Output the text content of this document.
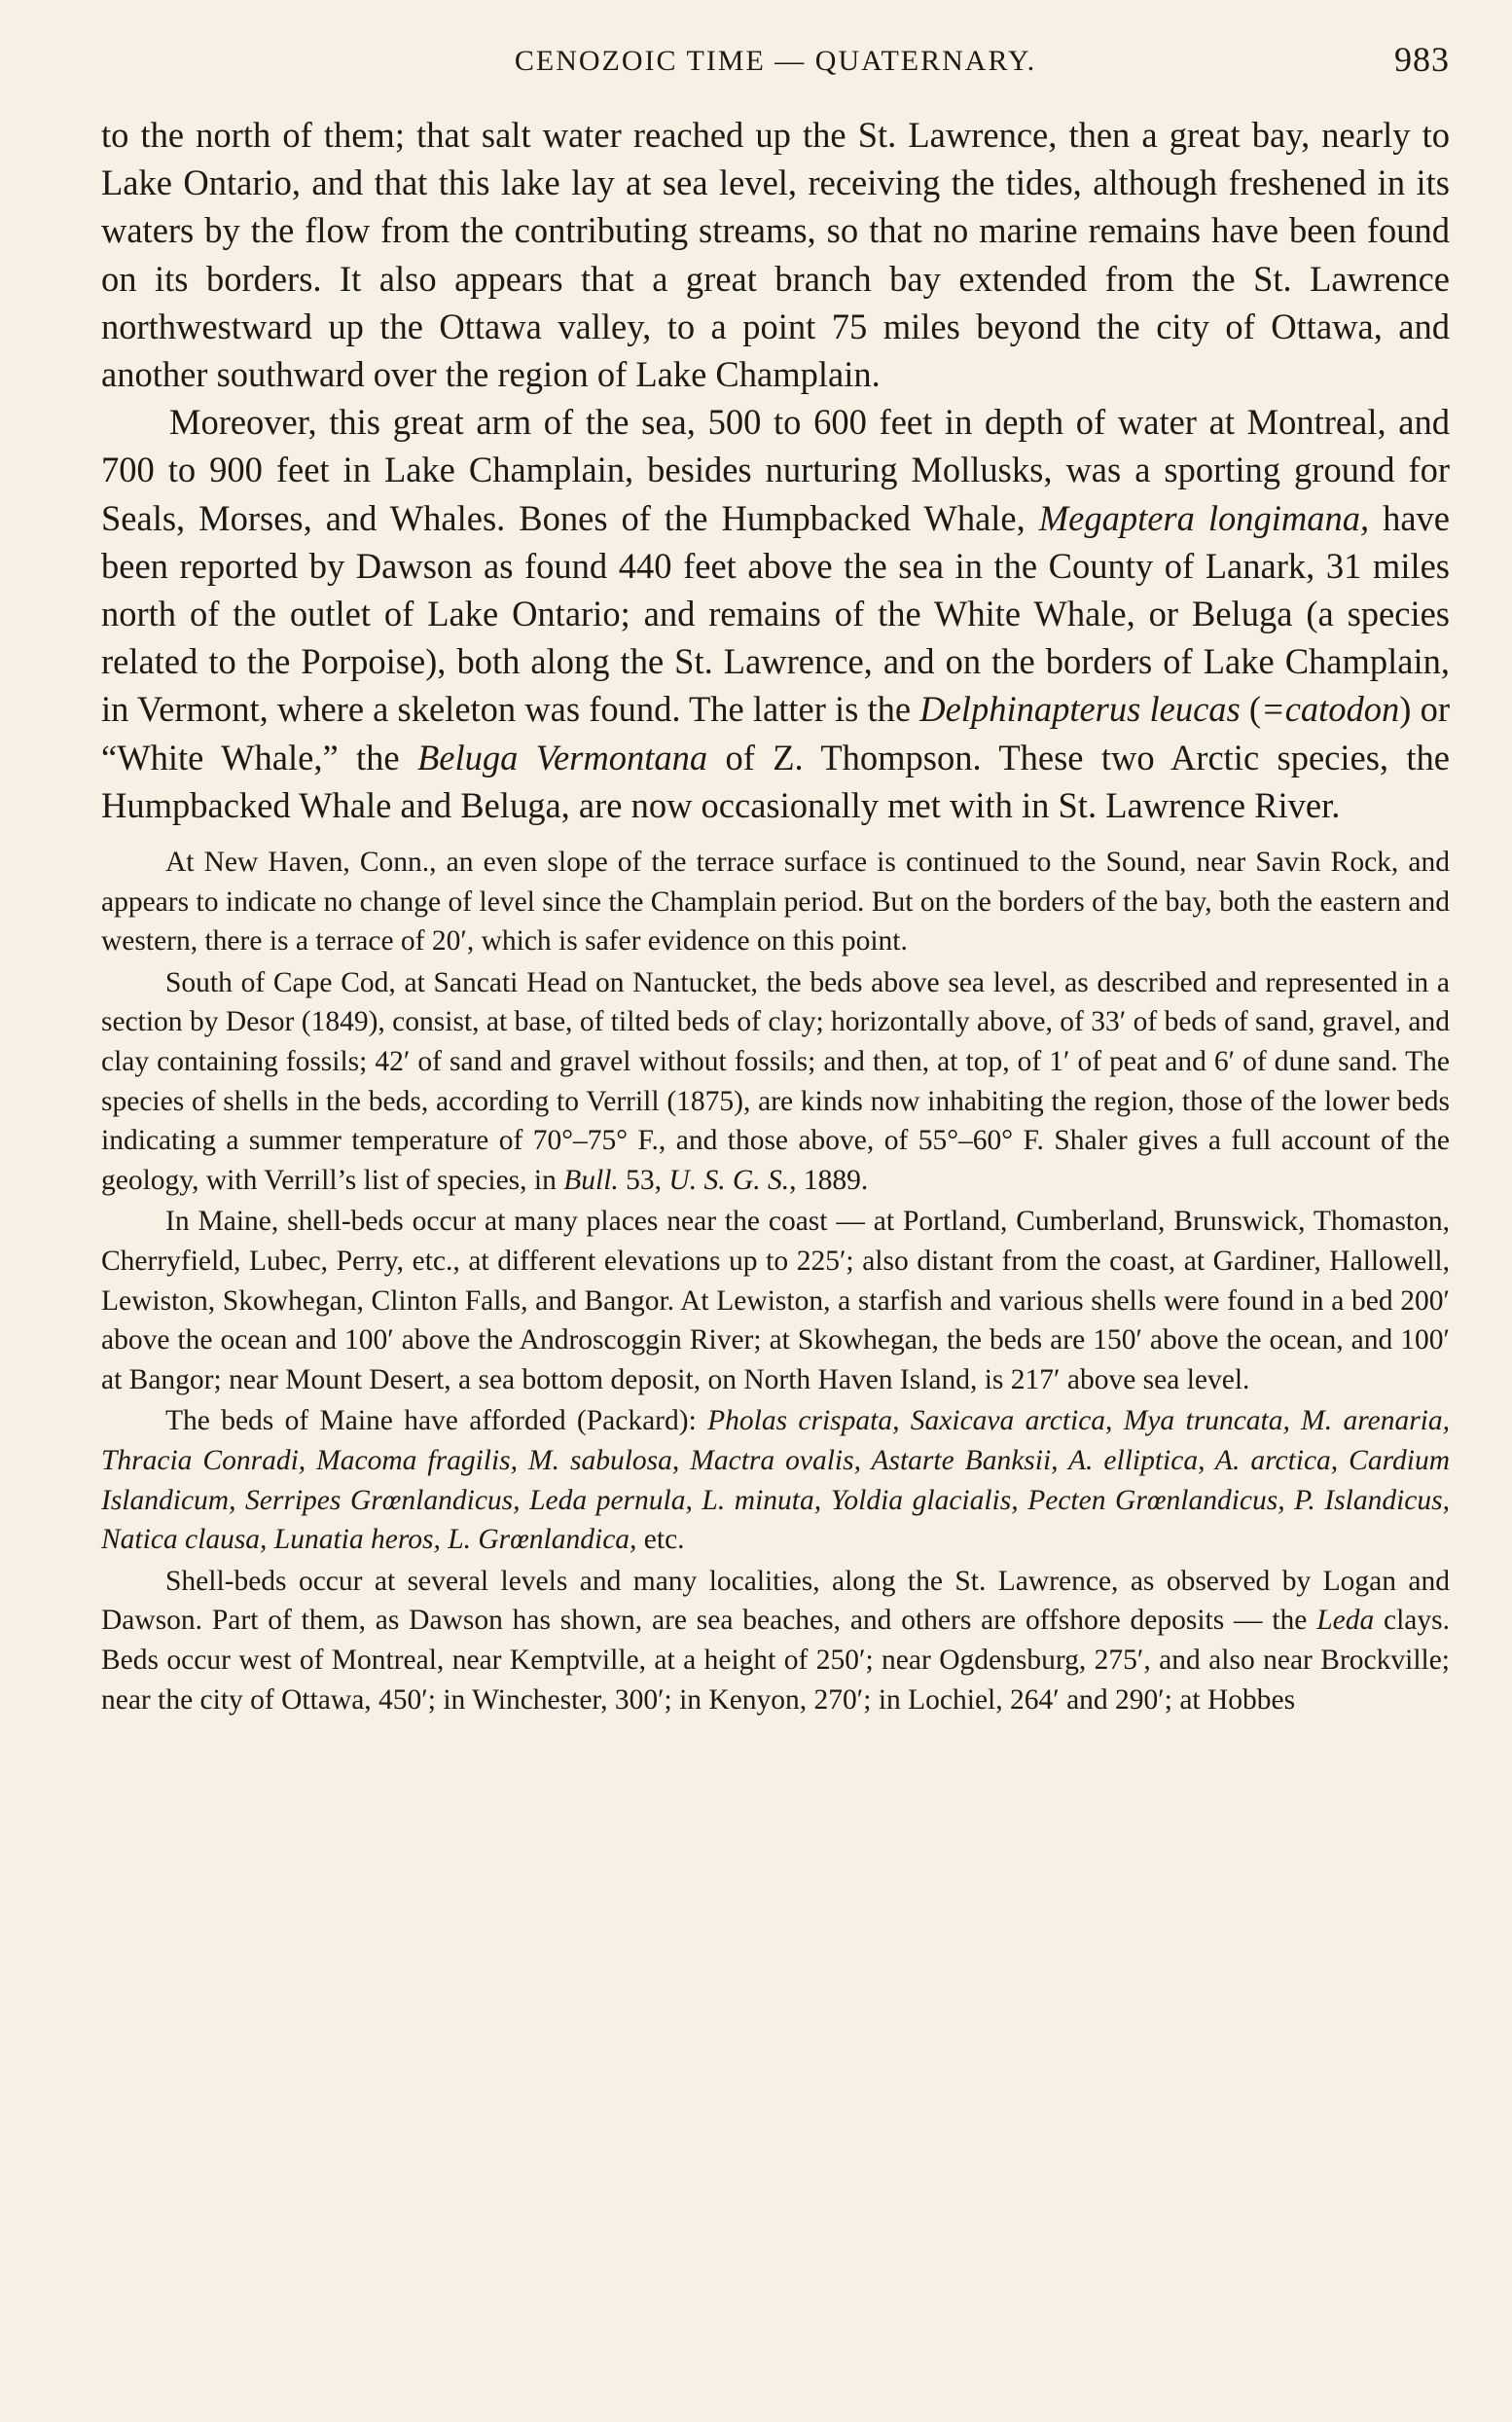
CENOZOIC TIME — QUATERNARY.	983

to the north of them; that salt water reached up the St. Lawrence, then a great bay, nearly to Lake Ontario, and that this lake lay at sea level, receiving the tides, although freshened in its waters by the flow from the contributing streams, so that no marine remains have been found on its borders. It also appears that a great branch bay extended from the St. Lawrence northwestward up the Ottawa valley, to a point 75 miles beyond the city of Ottawa, and another southward over the region of Lake Champlain.

Moreover, this great arm of the sea, 500 to 600 feet in depth of water at Montreal, and 700 to 900 feet in Lake Champlain, besides nurturing Mollusks, was a sporting ground for Seals, Morses, and Whales. Bones of the Humpbacked Whale, Megaptera longimana, have been reported by Dawson as found 440 feet above the sea in the County of Lanark, 31 miles north of the outlet of Lake Ontario; and remains of the White Whale, or Beluga (a species related to the Porpoise), both along the St. Lawrence, and on the borders of Lake Champlain, in Vermont, where a skeleton was found. The latter is the Delphinapterus leucas (=catodon) or “White Whale,” the Beluga Vermontana of Z. Thompson. These two Arctic species, the Humpbacked Whale and Beluga, are now occasionally met with in St. Lawrence River.

At New Haven, Conn., an even slope of the terrace surface is continued to the Sound, near Savin Rock, and appears to indicate no change of level since the Champlain period. But on the borders of the bay, both the eastern and western, there is a terrace of 20′, which is safer evidence on this point.

South of Cape Cod, at Sancati Head on Nantucket, the beds above sea level, as described and represented in a section by Desor (1849), consist, at base, of tilted beds of clay; horizontally above, of 33′ of beds of sand, gravel, and clay containing fossils; 42′ of sand and gravel without fossils; and then, at top, of 1′ of peat and 6′ of dune sand. The species of shells in the beds, according to Verrill (1875), are kinds now inhabiting the region, those of the lower beds indicating a summer temperature of 70°–75° F., and those above, of 55°–60° F. Shaler gives a full account of the geology, with Verrill’s list of species, in Bull. 53, U. S. G. S., 1889.

In Maine, shell-beds occur at many places near the coast — at Portland, Cumberland, Brunswick, Thomaston, Cherryfield, Lubec, Perry, etc., at different elevations up to 225′; also distant from the coast, at Gardiner, Hallowell, Lewiston, Skowhegan, Clinton Falls, and Bangor. At Lewiston, a starfish and various shells were found in a bed 200′ above the ocean and 100′ above the Androscoggin River; at Skowhegan, the beds are 150′ above the ocean, and 100′ at Bangor; near Mount Desert, a sea bottom deposit, on North Haven Island, is 217′ above sea level.

The beds of Maine have afforded (Packard): Pholas crispata, Saxicava arctica, Mya truncata, M. arenaria, Thracia Conradi, Macoma fragilis, M. sabulosa, Mactra ovalis, Astarte Banksii, A. elliptica, A. arctica, Cardium Islandicum, Serripes Grœnlandicus, Leda pernula, L. minuta, Yoldia glacialis, Pecten Grœnlandicus, P. Islandicus, Natica clausa, Lunatia heros, L. Grœnlandica, etc.

Shell-beds occur at several levels and many localities, along the St. Lawrence, as observed by Logan and Dawson. Part of them, as Dawson has shown, are sea beaches, and others are offshore deposits — the Leda clays. Beds occur west of Montreal, near Kemptville, at a height of 250′; near Ogdensburg, 275′, and also near Brockville; near the city of Ottawa, 450′; in Winchester, 300′; in Kenyon, 270′; in Lochiel, 264′ and 290′; at Hobbes
